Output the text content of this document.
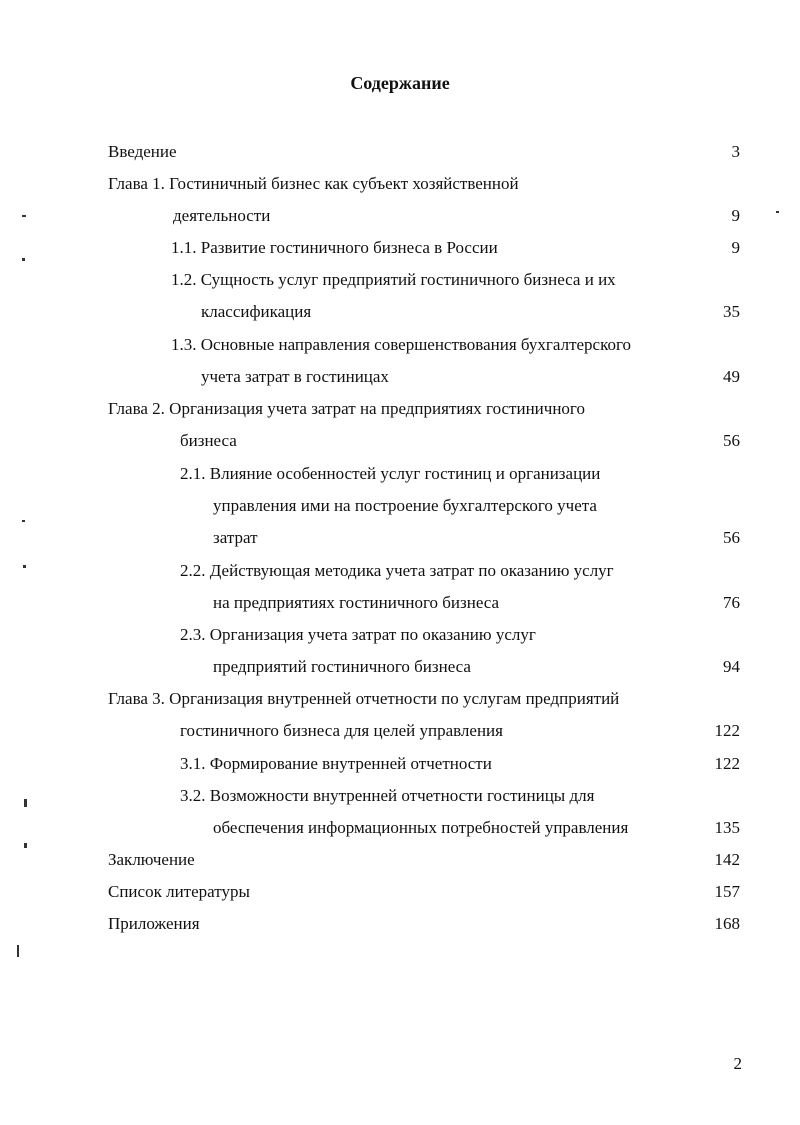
Содержание
Введение	3
Глава 1. Гостиничный бизнес как субъект хозяйственной
деятельности	9
1.1. Развитие гостиничного бизнеса в России	9
1.2. Сущность услуг предприятий гостиничного бизнеса и их
классификация	35
1.3. Основные направления совершенствования бухгалтерского
учета затрат в гостиницах	49
Глава 2. Организация учета затрат на предприятиях гостиничного
бизнеса	56
2.1. Влияние особенностей услуг гостиниц и организации
управления ими на построение бухгалтерского учета
затрат	56
2.2. Действующая методика учета затрат по оказанию услуг
на предприятиях гостиничного бизнеса	76
2.3. Организация учета затрат по оказанию услуг
предприятий гостиничного бизнеса	94
Глава 3. Организация внутренней отчетности по услугам предприятий
гостиничного бизнеса для целей управления	122
3.1. Формирование внутренней отчетности	122
3.2. Возможности внутренней отчетности гостиницы для
обеспечения информационных потребностей управления	135
Заключение	142
Список литературы	157
Приложения	168
2
